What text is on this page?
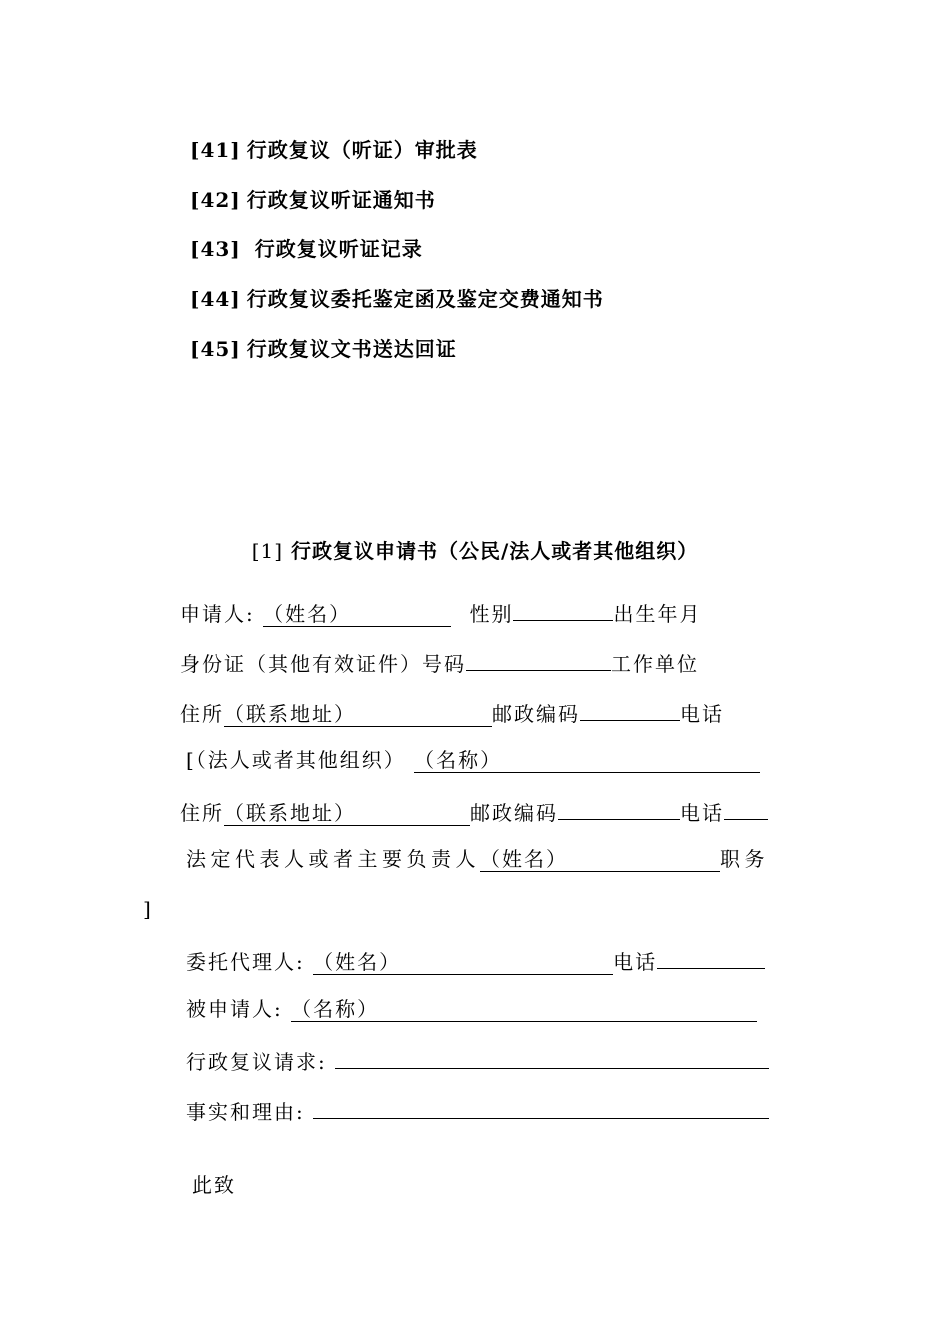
[41] 行政复议（听证）审批表
[42] 行政复议听证通知书
[43] 行政复议听证记录
[44] 行政复议委托鉴定函及鉴定交费通知书
[45] 行政复议文书送达回证
[1] 行政复议申请书（公民/法人或者其他组织）
申请人: （姓名）	性别	出生年月
身份证（其他有效证件）号码	工作单位
住所（联系地址）	邮政编码	电话
[（法人或者其他组织） （名称）
住所（联系地址）	邮政编码	电话
法定代表人或者主要负责人（姓名）	职务
]
委托代理人: （姓名）	电话
被申请人: （名称）
行政复议请求:
事实和理由:
此致
